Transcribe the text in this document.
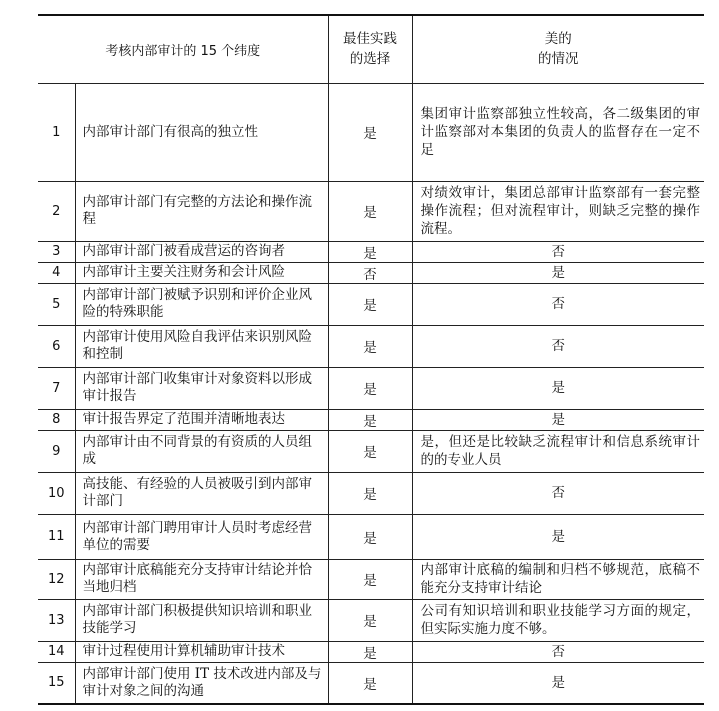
考核内部审计的 15 个纬度		最佳实践
的选择	美的
的情况

1	内部审计部门有很高的独立性	是	集团审计监察部独立性较高，各二级集团的审计监察部对本集团的负责人的监督存在一定不足
2	内部审计部门有完整的方法论和操作流程	是	对绩效审计，集团总部审计监察部有一套完整操作流程；但对流程审计，则缺乏完整的操作流程。
3	内部审计部门被看成营运的咨询者	是	否
4	内部审计主要关注财务和会计风险	否	是
5	内部审计部门被赋予识别和评价企业风险的特殊职能	是	否
6	内部审计使用风险自我评估来识别风险和控制	是	否
7	内部审计部门收集审计对象资料以形成审计报告	是	是
8	审计报告界定了范围并清晰地表达	是	是
9	内部审计由不同背景的有资质的人员组成	是	是，但还是比较缺乏流程审计和信息系统审计的的专业人员
10	高技能、有经验的人员被吸引到内部审计部门	是	否
11	内部审计部门聘用审计人员时考虑经营单位的需要	是	是
12	内部审计底稿能充分支持审计结论并恰当地归档	是	内部审计底稿的编制和归档不够规范，底稿不能充分支持审计结论
13	内部审计部门积极提供知识培训和职业技能学习	是	公司有知识培训和职业技能学习方面的规定，但实际实施力度不够。
14	审计过程使用计算机辅助审计技术	是	否
15	内部审计部门使用 IT 技术改进内部及与审计对象之间的沟通	是	是
